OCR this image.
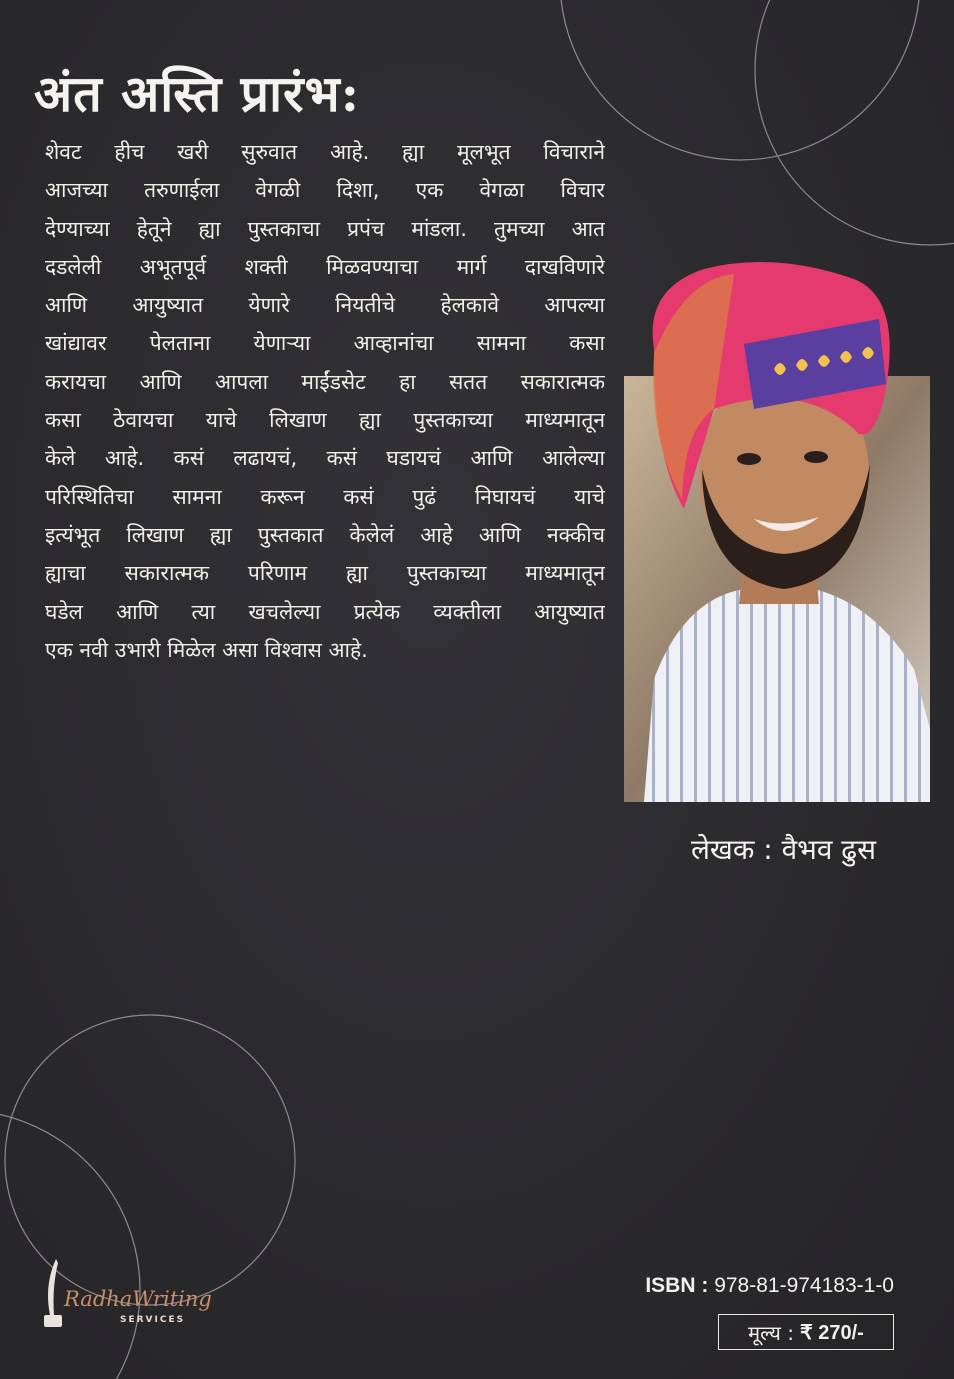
अंत अस्ति प्रारंभ:
शेवट हीच खरी सुरुवात आहे. ह्या मूलभूत विचाराने
आजच्या तरुणाईला वेगळी दिशा, एक वेगळा विचार
देण्याच्या हेतूने ह्या पुस्तकाचा प्रपंच मांडला. तुमच्या आत
दडलेली अभूतपूर्व शक्ती मिळवण्याचा मार्ग दाखविणारे
आणि आयुष्यात येणारे नियतीचे हेलकावे आपल्या
खांद्यावर पेलताना येणाऱ्या आव्हानांचा सामना कसा
करायचा आणि आपला माईंडसेट हा सतत सकारात्मक
कसा ठेवायचा याचे लिखाण ह्या पुस्तकाच्या माध्यमातून
केले आहे. कसं लढायचं, कसं घडायचं आणि आलेल्या
परिस्थितिचा सामना करून कसं पुढं निघायचं याचे
इत्यंभूत लिखाण ह्या पुस्तकात केलेलं आहे आणि नक्कीच
ह्याचा सकारात्मक परिणाम ह्या पुस्तकाच्या माध्यमातून
घडेल आणि त्या खचलेल्या प्रत्येक व्यक्तीला आयुष्यात
एक नवी उभारी मिळेल असा विश्वास आहे.
लेखक : वैभव ढुस
RadhaWriting
SERVICES
ISBN : 978-81-974183-1-0
मूल्य : ₹ 270/-
